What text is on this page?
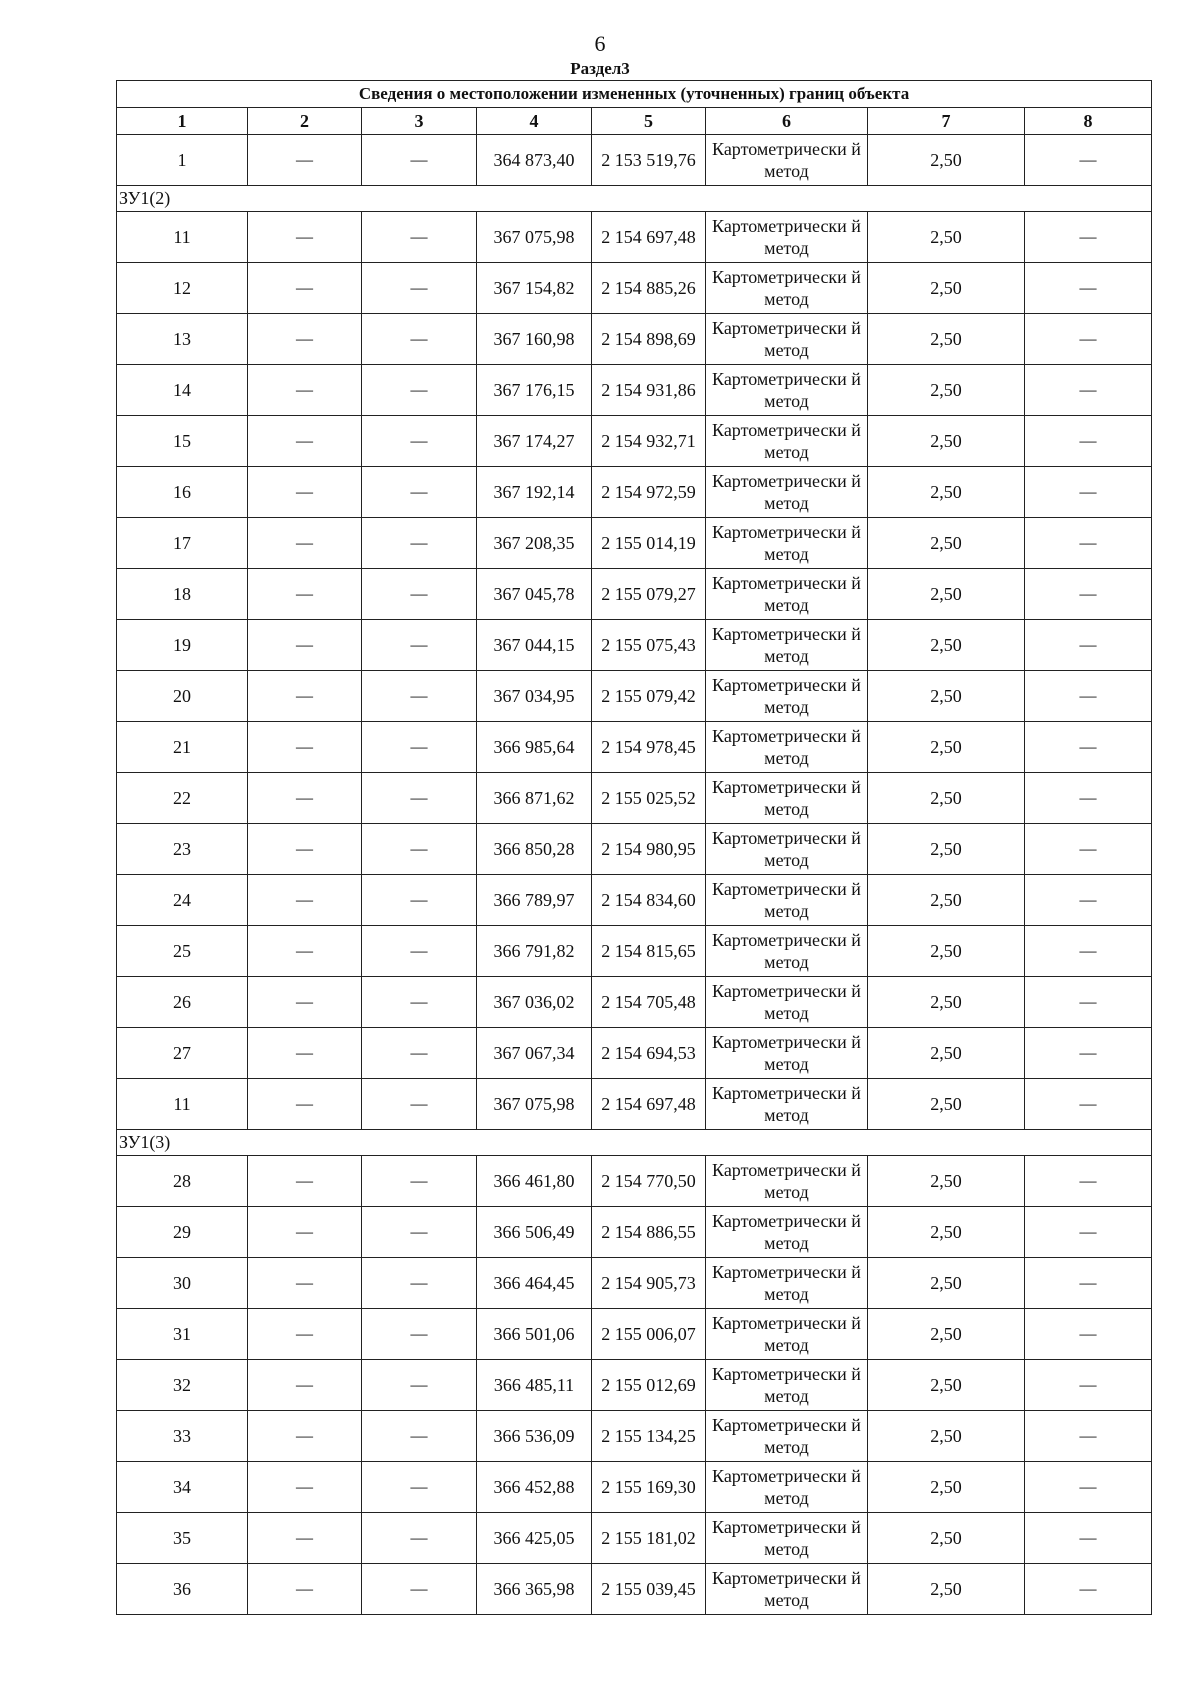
6
Раздел3
Сведения о местоположении измененных (уточненных) границ объекта							
1	2	3	4	5	6	7	8
1	—	—	364 873,40	2 153 519,76	Картометрически й метод	2,50	—
ЗУ1(2)							
11	—	—	367 075,98	2 154 697,48	Картометрически й метод	2,50	—
12	—	—	367 154,82	2 154 885,26	Картометрически й метод	2,50	—
13	—	—	367 160,98	2 154 898,69	Картометрически й метод	2,50	—
14	—	—	367 176,15	2 154 931,86	Картометрически й метод	2,50	—
15	—	—	367 174,27	2 154 932,71	Картометрически й метод	2,50	—
16	—	—	367 192,14	2 154 972,59	Картометрически й метод	2,50	—
17	—	—	367 208,35	2 155 014,19	Картометрически й метод	2,50	—
18	—	—	367 045,78	2 155 079,27	Картометрически й метод	2,50	—
19	—	—	367 044,15	2 155 075,43	Картометрически й метод	2,50	—
20	—	—	367 034,95	2 155 079,42	Картометрически й метод	2,50	—
21	—	—	366 985,64	2 154 978,45	Картометрически й метод	2,50	—
22	—	—	366 871,62	2 155 025,52	Картометрически й метод	2,50	—
23	—	—	366 850,28	2 154 980,95	Картометрически й метод	2,50	—
24	—	—	366 789,97	2 154 834,60	Картометрически й метод	2,50	—
25	—	—	366 791,82	2 154 815,65	Картометрически й метод	2,50	—
26	—	—	367 036,02	2 154 705,48	Картометрически й метод	2,50	—
27	—	—	367 067,34	2 154 694,53	Картометрически й метод	2,50	—
11	—	—	367 075,98	2 154 697,48	Картометрически й метод	2,50	—
ЗУ1(3)							
28	—	—	366 461,80	2 154 770,50	Картометрически й метод	2,50	—
29	—	—	366 506,49	2 154 886,55	Картометрически й метод	2,50	—
30	—	—	366 464,45	2 154 905,73	Картометрически й метод	2,50	—
31	—	—	366 501,06	2 155 006,07	Картометрически й метод	2,50	—
32	—	—	366 485,11	2 155 012,69	Картометрически й метод	2,50	—
33	—	—	366 536,09	2 155 134,25	Картометрически й метод	2,50	—
34	—	—	366 452,88	2 155 169,30	Картометрически й метод	2,50	—
35	—	—	366 425,05	2 155 181,02	Картометрически й метод	2,50	—
36	—	—	366 365,98	2 155 039,45	Картометрически й метод	2,50	—
